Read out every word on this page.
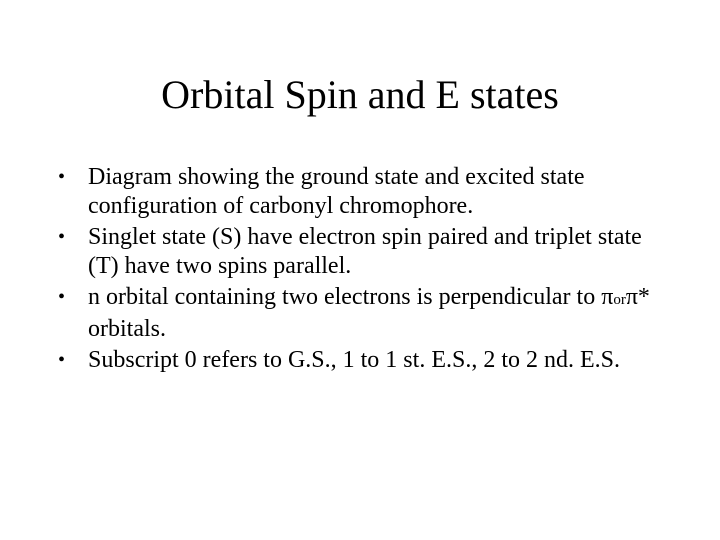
Orbital Spin and E states
• Diagram showing the ground state and excited state configuration of carbonyl chromophore.
• Singlet state (S) have electron spin paired and triplet state (T) have two spins parallel.
• n orbital containing two electrons is perpendicular to πorπ* orbitals.
• Subscript 0 refers to G.S., 1 to 1 st. E.S., 2 to 2 nd. E.S.
